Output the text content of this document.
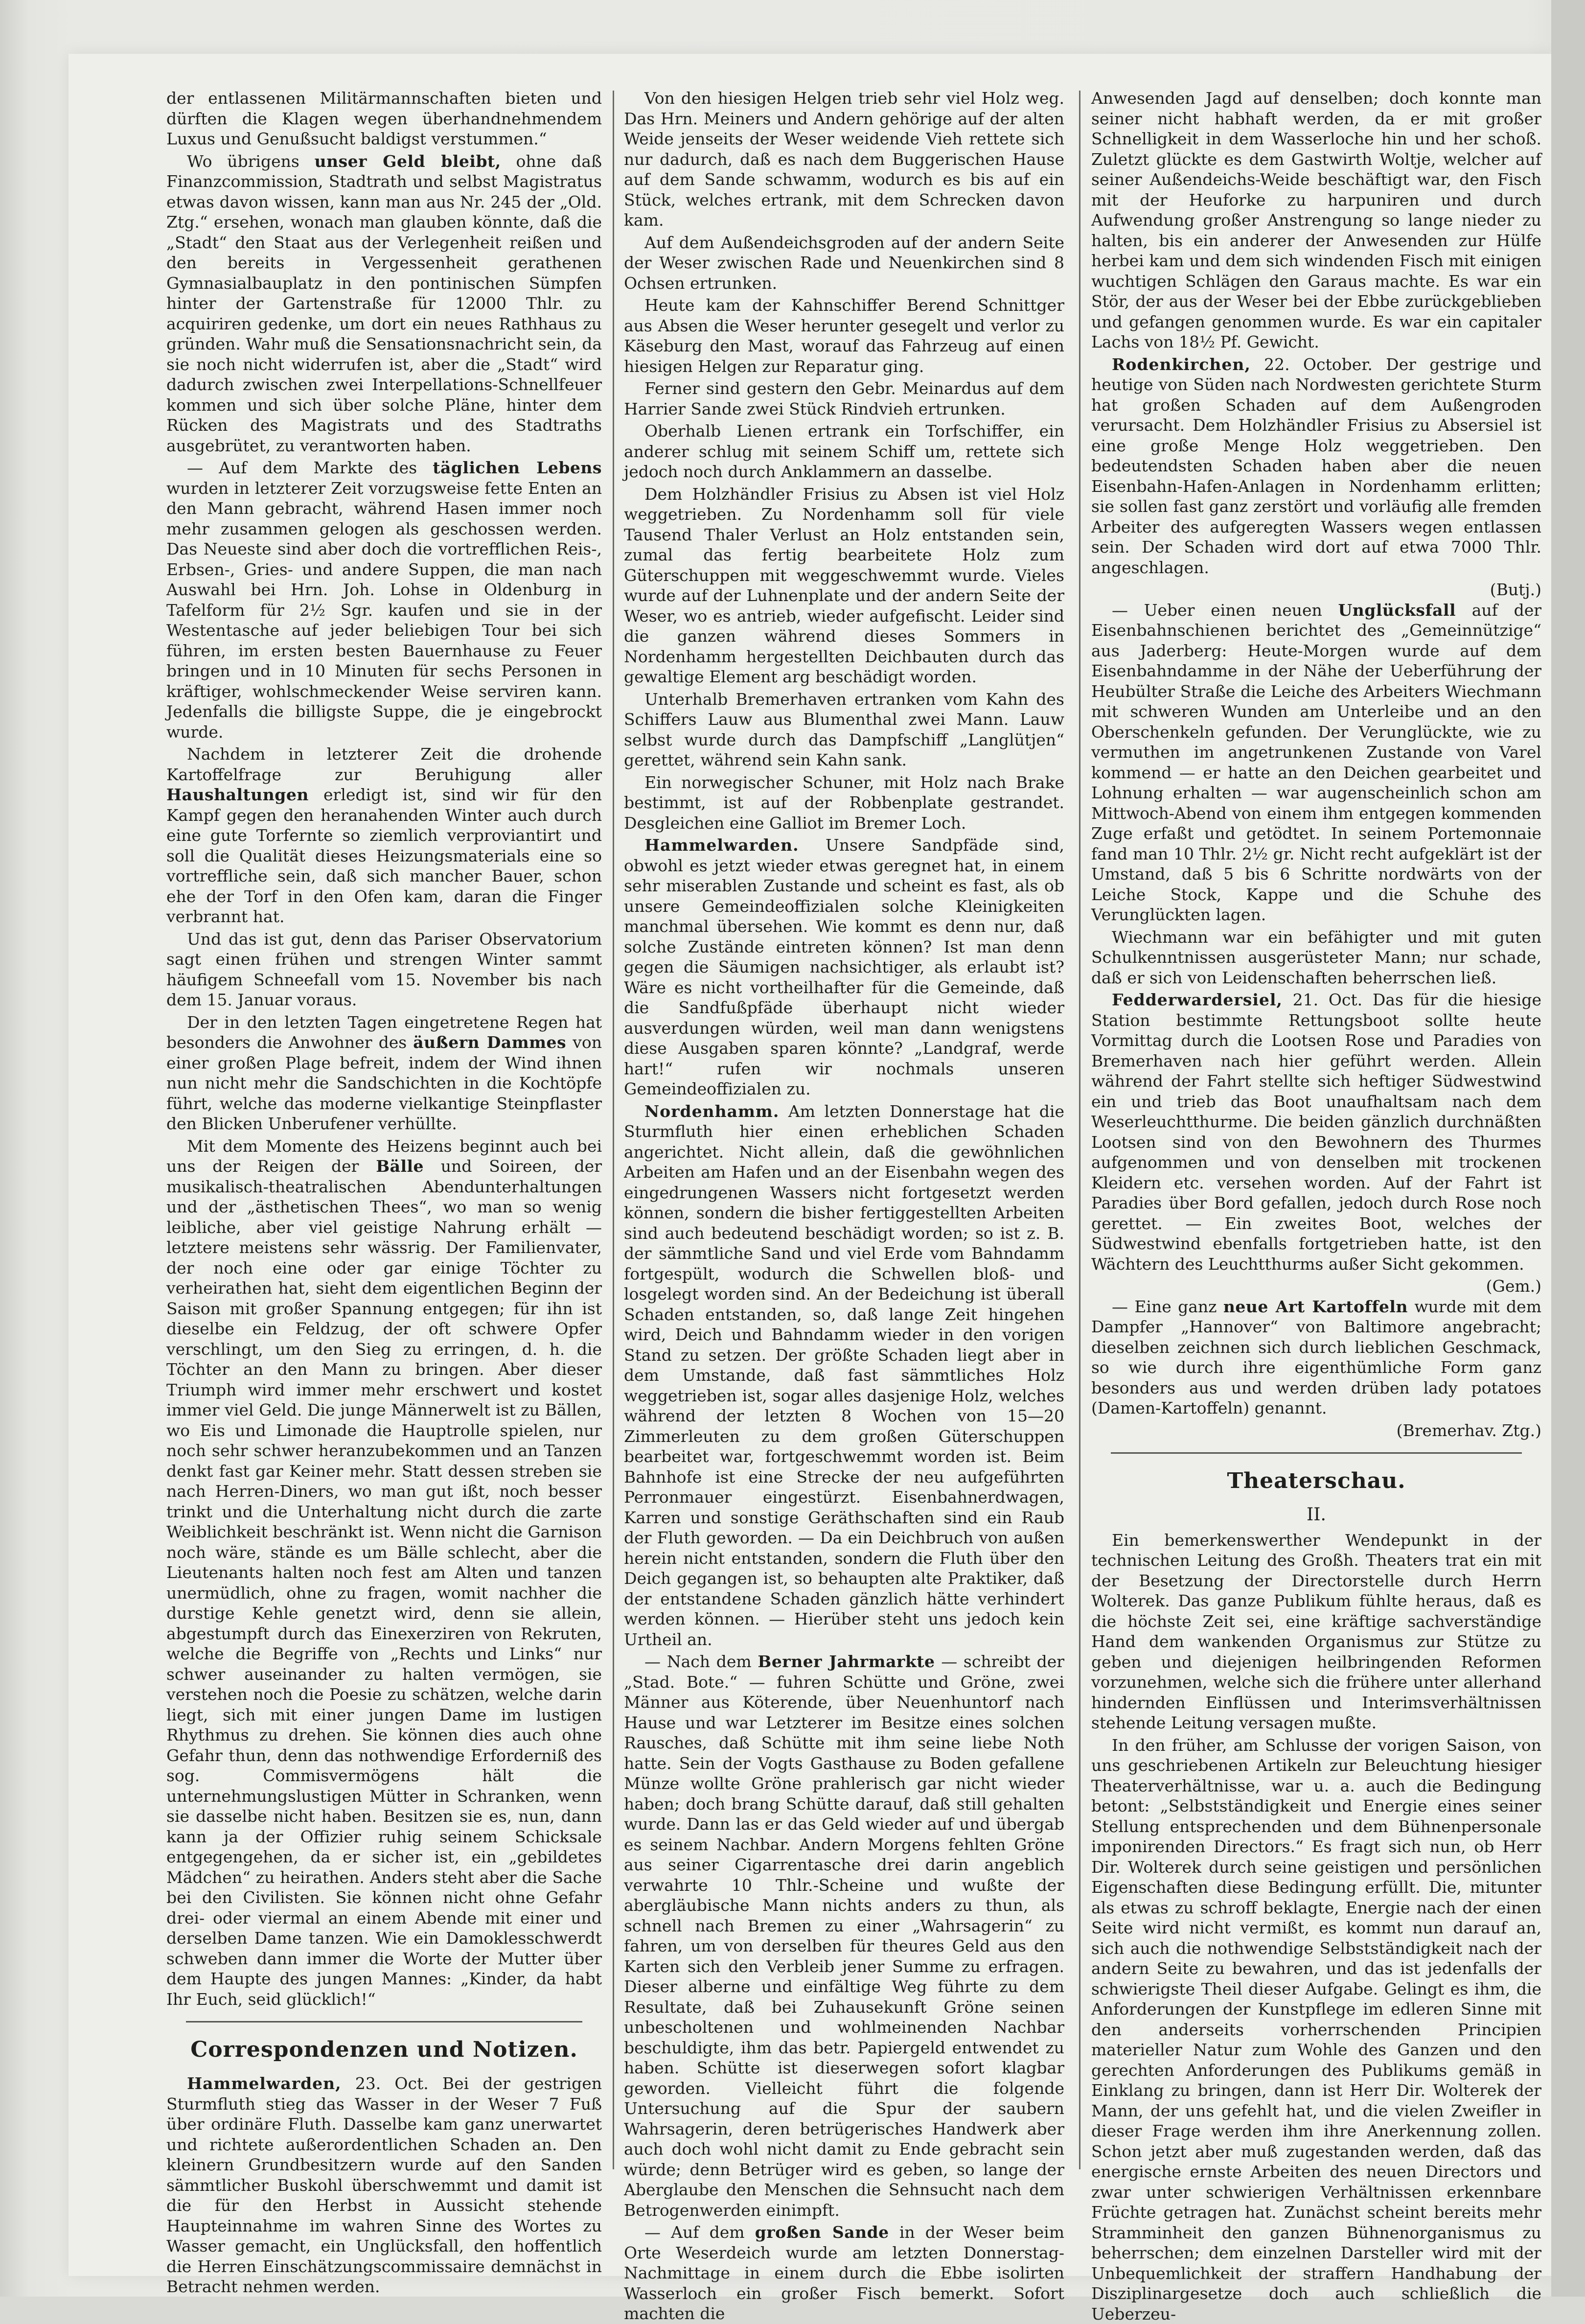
der entlassenen Militärmannschaften bieten und dürften die Klagen wegen überhandnehmendem Luxus und Genußsucht baldigst verstummen.“

Wo übrigens unser Geld bleibt, ohne daß Finanzcommission, Stadtrath und selbst Magistratus etwas davon wissen, kann man aus Nr. 245 der „Old. Ztg.“ ersehen, wonach man glauben könnte, daß die „Stadt“ den Staat aus der Verlegenheit reißen und den bereits in Vergessenheit gerathenen Gymnasialbauplatz in den pontinischen Sümpfen hinter der Gartenstraße für 12000 Thlr. zu acquiriren gedenke, um dort ein neues Rathhaus zu gründen. Wahr muß die Sensationsnachricht sein, da sie noch nicht widerrufen ist, aber die „Stadt“ wird dadurch zwischen zwei Interpellations-Schnellfeuer kommen und sich über solche Pläne, hinter dem Rücken des Magistrats und des Stadtraths ausgebrütet, zu verantworten haben.

— Auf dem Markte des täglichen Lebens wurden in letzterer Zeit vorzugsweise fette Enten an den Mann gebracht, während Hasen immer noch mehr zusammen gelogen als geschossen werden. Das Neueste sind aber doch die vortrefflichen Reis-, Erbsen-, Gries- und andere Suppen, die man nach Auswahl bei Hrn. Joh. Lohse in Oldenburg in Tafelform für 2½ Sgr. kaufen und sie in der Westentasche auf jeder beliebigen Tour bei sich führen, im ersten besten Bauernhause zu Feuer bringen und in 10 Minuten für sechs Personen in kräftiger, wohlschmeckender Weise serviren kann. Jedenfalls die billigste Suppe, die je eingebrockt wurde.

Nachdem in letzterer Zeit die drohende Kartoffelfrage zur Beruhigung aller Haushaltungen erledigt ist, sind wir für den Kampf gegen den heranahenden Winter auch durch eine gute Torfernte so ziemlich verproviantirt und soll die Qualität dieses Heizungsmaterials eine so vortreffliche sein, daß sich mancher Bauer, schon ehe der Torf in den Ofen kam, daran die Finger verbrannt hat.

Und das ist gut, denn das Pariser Observatorium sagt einen frühen und strengen Winter sammt häufigem Schneefall vom 15. November bis nach dem 15. Januar voraus.

Der in den letzten Tagen eingetretene Regen hat besonders die Anwohner des äußern Dammes von einer großen Plage befreit, indem der Wind ihnen nun nicht mehr die Sandschichten in die Kochtöpfe führt, welche das moderne vielkantige Steinpflaster den Blicken Unberufener verhüllte.

Mit dem Momente des Heizens beginnt auch bei uns der Reigen der Bälle und Soireen, der musikalisch-theatralischen Abendunterhaltungen und der „ästhetischen Thees“, wo man so wenig leibliche, aber viel geistige Nahrung erhält — letztere meistens sehr wässrig. Der Familienvater, der noch eine oder gar einige Töchter zu verheirathen hat, sieht dem eigentlichen Beginn der Saison mit großer Spannung entgegen; für ihn ist dieselbe ein Feldzug, der oft schwere Opfer verschlingt, um den Sieg zu erringen, d. h. die Töchter an den Mann zu bringen. Aber dieser Triumph wird immer mehr erschwert und kostet immer viel Geld. Die junge Männerwelt ist zu Bällen, wo Eis und Limonade die Hauptrolle spielen, nur noch sehr schwer heranzubekommen und an Tanzen denkt fast gar Keiner mehr. Statt dessen streben sie nach Herren-Diners, wo man gut ißt, noch besser trinkt und die Unterhaltung nicht durch die zarte Weiblichkeit beschränkt ist. Wenn nicht die Garnison noch wäre, stände es um Bälle schlecht, aber die Lieutenants halten noch fest am Alten und tanzen unermüdlich, ohne zu fragen, womit nachher die durstige Kehle genetzt wird, denn sie allein, abgestumpft durch das Einexerziren von Rekruten, welche die Begriffe von „Rechts und Links“ nur schwer auseinander zu halten vermögen, sie verstehen noch die Poesie zu schätzen, welche darin liegt, sich mit einer jungen Dame im lustigen Rhythmus zu drehen. Sie können dies auch ohne Gefahr thun, denn das nothwendige Erforderniß des sog. Commisvermögens hält die unternehmungslustigen Mütter in Schranken, wenn sie dasselbe nicht haben. Besitzen sie es, nun, dann kann ja der Offizier ruhig seinem Schicksale entgegengehen, da er sicher ist, ein „gebildetes Mädchen“ zu heirathen. Anders steht aber die Sache bei den Civilisten. Sie können nicht ohne Gefahr drei- oder viermal an einem Abende mit einer und derselben Dame tanzen. Wie ein Damoklesschwerdt schweben dann immer die Worte der Mutter über dem Haupte des jungen Mannes: „Kinder, da habt Ihr Euch, seid glücklich!“

Correspondenzen und Notizen.

Hammelwarden, 23. Oct. Bei der gestrigen Sturmfluth stieg das Wasser in der Weser 7 Fuß über ordinäre Fluth. Dasselbe kam ganz unerwartet und richtete außerordentlichen Schaden an. Den kleinern Grundbesitzern wurde auf den Sanden sämmtlicher Buskohl überschwemmt und damit ist die für den Herbst in Aussicht stehende Haupteinnahme im wahren Sinne des Wortes zu Wasser gemacht, ein Unglücksfall, den hoffentlich die Herren Einschätzungscommissaire demnächst in Betracht nehmen werden.

Von den hiesigen Helgen trieb sehr viel Holz weg. Das Hrn. Meiners und Andern gehörige auf der alten Weide jenseits der Weser weidende Vieh rettete sich nur dadurch, daß es nach dem Buggerischen Hause auf dem Sande schwamm, wodurch es bis auf ein Stück, welches ertrank, mit dem Schrecken davon kam.

Auf dem Außendeichsgroden auf der andern Seite der Weser zwischen Rade und Neuenkirchen sind 8 Ochsen ertrunken.

Heute kam der Kahnschiffer Berend Schnittger aus Absen die Weser herunter gesegelt und verlor zu Käseburg den Mast, worauf das Fahrzeug auf einen hiesigen Helgen zur Reparatur ging.

Ferner sind gestern den Gebr. Meinardus auf dem Harrier Sande zwei Stück Rindvieh ertrunken.

Oberhalb Lienen ertrank ein Torfschiffer, ein anderer schlug mit seinem Schiff um, rettete sich jedoch noch durch Anklammern an dasselbe.

Dem Holzhändler Frisius zu Absen ist viel Holz weggetrieben. Zu Nordenhamm soll für viele Tausend Thaler Verlust an Holz entstanden sein, zumal das fertig bearbeitete Holz zum Güterschuppen mit weggeschwemmt wurde. Vieles wurde auf der Luhnenplate und der andern Seite der Weser, wo es antrieb, wieder aufgefischt. Leider sind die ganzen während dieses Sommers in Nordenhamm hergestellten Deichbauten durch das gewaltige Element arg beschädigt worden.

Unterhalb Bremerhaven ertranken vom Kahn des Schiffers Lauw aus Blumenthal zwei Mann. Lauw selbst wurde durch das Dampfschiff „Langlütjen“ gerettet, während sein Kahn sank.

Ein norwegischer Schuner, mit Holz nach Brake bestimmt, ist auf der Robbenplate gestrandet. Desgleichen eine Galliot im Bremer Loch.

Hammelwarden. Unsere Sandpfäde sind, obwohl es jetzt wieder etwas geregnet hat, in einem sehr miserablen Zustande und scheint es fast, als ob unsere Gemeindeoffizialen solche Kleinigkeiten manchmal übersehen. Wie kommt es denn nur, daß solche Zustände eintreten können? Ist man denn gegen die Säumigen nachsichtiger, als erlaubt ist? Wäre es nicht vortheilhafter für die Gemeinde, daß die Sandfußpfäde überhaupt nicht wieder ausverdungen würden, weil man dann wenigstens diese Ausgaben sparen könnte? „Landgraf, werde hart!“ rufen wir nochmals unseren Gemeindeoffizialen zu.

Nordenhamm. Am letzten Donnerstage hat die Sturmfluth hier einen erheblichen Schaden angerichtet. Nicht allein, daß die gewöhnlichen Arbeiten am Hafen und an der Eisenbahn wegen des eingedrungenen Wassers nicht fortgesetzt werden können, sondern die bisher fertiggestellten Arbeiten sind auch bedeutend beschädigt worden; so ist z. B. der sämmtliche Sand und viel Erde vom Bahndamm fortgespült, wodurch die Schwellen bloß- und losgelegt worden sind. An der Bedeichung ist überall Schaden entstanden, so, daß lange Zeit hingehen wird, Deich und Bahndamm wieder in den vorigen Stand zu setzen. Der größte Schaden liegt aber in dem Umstande, daß fast sämmtliches Holz weggetrieben ist, sogar alles dasjenige Holz, welches während der letzten 8 Wochen von 15—20 Zimmerleuten zu dem großen Güterschuppen bearbeitet war, fortgeschwemmt worden ist. Beim Bahnhofe ist eine Strecke der neu aufgeführten Perronmauer eingestürzt. Eisenbahnerdwagen, Karren und sonstige Geräthschaften sind ein Raub der Fluth geworden. — Da ein Deichbruch von außen herein nicht entstanden, sondern die Fluth über den Deich gegangen ist, so behaupten alte Praktiker, daß der entstandene Schaden gänzlich hätte verhindert werden können. — Hierüber steht uns jedoch kein Urtheil an.

— Nach dem Berner Jahrmarkte — schreibt der „Stad. Bote.“ — fuhren Schütte und Gröne, zwei Männer aus Köterende, über Neuenhuntorf nach Hause und war Letzterer im Besitze eines solchen Rausches, daß Schütte mit ihm seine liebe Noth hatte. Sein der Vogts Gasthause zu Boden gefallene Münze wollte Gröne prahlerisch gar nicht wieder haben; doch brang Schütte darauf, daß still gehalten wurde. Dann las er das Geld wieder auf und übergab es seinem Nachbar. Andern Morgens fehlten Gröne aus seiner Cigarrentasche drei darin angeblich verwahrte 10 Thlr.-Scheine und wußte der abergläubische Mann nichts anders zu thun, als schnell nach Bremen zu einer „Wahrsagerin“ zu fahren, um von derselben für theures Geld aus den Karten sich den Verbleib jener Summe zu erfragen. Dieser alberne und einfältige Weg führte zu dem Resultate, daß bei Zuhausekunft Gröne seinen unbescholtenen und wohlmeinenden Nachbar beschuldigte, ihm das betr. Papiergeld entwendet zu haben. Schütte ist dieserwegen sofort klagbar geworden. Vielleicht führt die folgende Untersuchung auf die Spur der saubern Wahrsagerin, deren betrügerisches Handwerk aber auch doch wohl nicht damit zu Ende gebracht sein würde; denn Betrüger wird es geben, so lange der Aberglaube den Menschen die Sehnsucht nach dem Betrogenwerden einimpft.

— Auf dem großen Sande in der Weser beim Orte Weserdeich wurde am letzten Donnerstag-Nachmittage in einem durch die Ebbe isolirten Wasserloch ein großer Fisch bemerkt. Sofort machten die

Anwesenden Jagd auf denselben; doch konnte man seiner nicht habhaft werden, da er mit großer Schnelligkeit in dem Wasserloche hin und her schoß. Zuletzt glückte es dem Gastwirth Woltje, welcher auf seiner Außendeichs-Weide beschäftigt war, den Fisch mit der Heuforke zu harpuniren und durch Aufwendung großer Anstrengung so lange nieder zu halten, bis ein anderer der Anwesenden zur Hülfe herbei kam und dem sich windenden Fisch mit einigen wuchtigen Schlägen den Garaus machte. Es war ein Stör, der aus der Weser bei der Ebbe zurückgeblieben und gefangen genommen wurde. Es war ein capitaler Lachs von 18½ Pf. Gewicht.

Rodenkirchen, 22. October. Der gestrige und heutige von Süden nach Nordwesten gerichtete Sturm hat großen Schaden auf dem Außengroden verursacht. Dem Holzhändler Frisius zu Absersiel ist eine große Menge Holz weggetrieben. Den bedeutendsten Schaden haben aber die neuen Eisenbahn-Hafen-Anlagen in Nordenhamm erlitten; sie sollen fast ganz zerstört und vorläufig alle fremden Arbeiter des aufgeregten Wassers wegen entlassen sein. Der Schaden wird dort auf etwa 7000 Thlr. angeschlagen.

(Butj.)

— Ueber einen neuen Unglücksfall auf der Eisenbahnschienen berichtet des „Gemeinnützige“ aus Jaderberg: Heute-Morgen wurde auf dem Eisenbahndamme in der Nähe der Ueberführung der Heubülter Straße die Leiche des Arbeiters Wiechmann mit schweren Wunden am Unterleibe und an den Oberschenkeln gefunden. Der Verunglückte, wie zu vermuthen im angetrunkenen Zustande von Varel kommend — er hatte an den Deichen gearbeitet und Lohnung erhalten — war augenscheinlich schon am Mittwoch-Abend von einem ihm entgegen kommenden Zuge erfaßt und getödtet. In seinem Portemonnaie fand man 10 Thlr. 2½ gr. Nicht recht aufgeklärt ist der Umstand, daß 5 bis 6 Schritte nordwärts von der Leiche Stock, Kappe und die Schuhe des Verunglückten lagen.

Wiechmann war ein befähigter und mit guten Schulkenntnissen ausgerüsteter Mann; nur schade, daß er sich von Leidenschaften beherrschen ließ.

Fedderwardersiel, 21. Oct. Das für die hiesige Station bestimmte Rettungsboot sollte heute Vormittag durch die Lootsen Rose und Paradies von Bremerhaven nach hier geführt werden. Allein während der Fahrt stellte sich heftiger Südwestwind ein und trieb das Boot unaufhaltsam nach dem Weserleuchtthurme. Die beiden gänzlich durchnäßten Lootsen sind von den Bewohnern des Thurmes aufgenommen und von denselben mit trockenen Kleidern etc. versehen worden. Auf der Fahrt ist Paradies über Bord gefallen, jedoch durch Rose noch gerettet. — Ein zweites Boot, welches der Südwestwind ebenfalls fortgetrieben hatte, ist den Wächtern des Leuchtthurms außer Sicht gekommen.

(Gem.)

— Eine ganz neue Art Kartoffeln wurde mit dem Dampfer „Hannover“ von Baltimore angebracht; dieselben zeichnen sich durch lieblichen Geschmack, so wie durch ihre eigenthümliche Form ganz besonders aus und werden drüben lady potatoes (Damen-Kartoffeln) genannt.

(Bremerhav. Ztg.)
Theaterschau.
II.

Ein bemerkenswerther Wendepunkt in der technischen Leitung des Großh. Theaters trat ein mit der Besetzung der Directorstelle durch Herrn Wolterek. Das ganze Publikum fühlte heraus, daß es die höchste Zeit sei, eine kräftige sachverständige Hand dem wankenden Organismus zur Stütze zu geben und diejenigen heilbringenden Reformen vorzunehmen, welche sich die frühere unter allerhand hindernden Einflüssen und Interimsverhältnissen stehende Leitung versagen mußte.

In den früher, am Schlusse der vorigen Saison, von uns geschriebenen Artikeln zur Beleuchtung hiesiger Theaterverhältnisse, war u. a. auch die Bedingung betont: „Selbstständigkeit und Energie eines seiner Stellung entsprechenden und dem Bühnenpersonale imponirenden Directors.“ Es fragt sich nun, ob Herr Dir. Wolterek durch seine geistigen und persönlichen Eigenschaften diese Bedingung erfüllt. Die, mitunter als etwas zu schroff beklagte, Energie nach der einen Seite wird nicht vermißt, es kommt nun darauf an, sich auch die nothwendige Selbstständigkeit nach der andern Seite zu bewahren, und das ist jedenfalls der schwierigste Theil dieser Aufgabe. Gelingt es ihm, die Anforderungen der Kunstpflege im edleren Sinne mit den anderseits vorherrschenden Principien materieller Natur zum Wohle des Ganzen und den gerechten Anforderungen des Publikums gemäß in Einklang zu bringen, dann ist Herr Dir. Wolterek der Mann, der uns gefehlt hat, und die vielen Zweifler in dieser Frage werden ihm ihre Anerkennung zollen. Schon jetzt aber muß zugestanden werden, daß das energische ernste Arbeiten des neuen Directors und zwar unter schwierigen Verhältnissen erkennbare Früchte getragen hat. Zunächst scheint bereits mehr Stramminheit den ganzen Bühnenorganismus zu beherrschen; dem einzelnen Darsteller wird mit der Unbequemlichkeit der straffern Handhabung der Disziplinargesetze doch auch schließlich die Ueberzeu-
